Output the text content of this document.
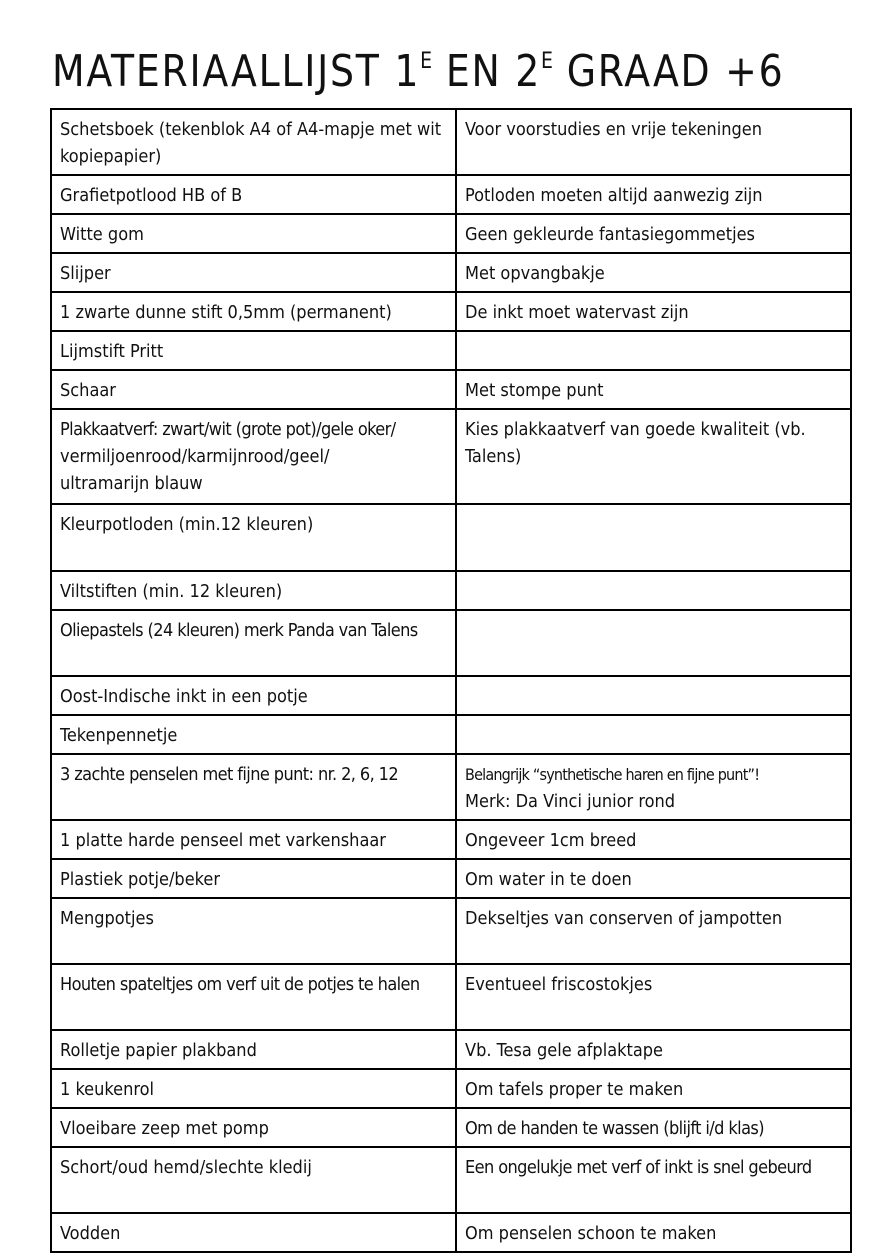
MATERIAALLIJST $1^E$ EN $2^E$ GRAAD +6
Schetsboek (tekenblok A4 of A4-mapje met wit kopiepapier)	Voor voorstudies en vrije tekeningen

Grafietpotlood HB of B	Potloden moeten altijd aanwezig zijn

Witte gom	Geen gekleurde fantasiegommetjes

Slijper	Met opvangbakje

1 zwarte dunne stift 0,5mm (permanent)	De inkt moet watervast zijn

Lijmstift Pritt	

Schaar	Met stompe punt

Plakkaatverf: zwart/wit (grote pot)/gele oker/
vermiljoenrood/karmijnrood/geel/
ultramarijn blauw	Kies plakkaatverf van goede kwaliteit (vb. Talens)

Kleurpotloden (min.12 kleuren)	

Viltstiften (min. 12 kleuren)	

Oliepastels (24 kleuren) merk Panda van Talens	

Oost-Indische inkt in een potje	

Tekenpennetje	

3 zachte penselen met fijne punt: nr. 2, 6, 12	Belangrijk “synthetische haren en fijne punt”!
Merk: Da Vinci junior rond

1 platte harde penseel met varkenshaar	Ongeveer 1cm breed

Plastiek potje/beker	Om water in te doen

Mengpotjes	Dekseltjes van conserven of jampotten

Houten spateltjes om verf uit de potjes te halen	Eventueel friscostokjes

Rolletje papier plakband	Vb. Tesa gele afplaktape

1 keukenrol	Om tafels proper te maken

Vloeibare zeep met pomp	Om de handen te wassen (blijft i/d klas)

Schort/oud hemd/slechte kledij	Een ongelukje met verf of inkt is snel gebeurd

Vodden	Om penselen schoon te maken
